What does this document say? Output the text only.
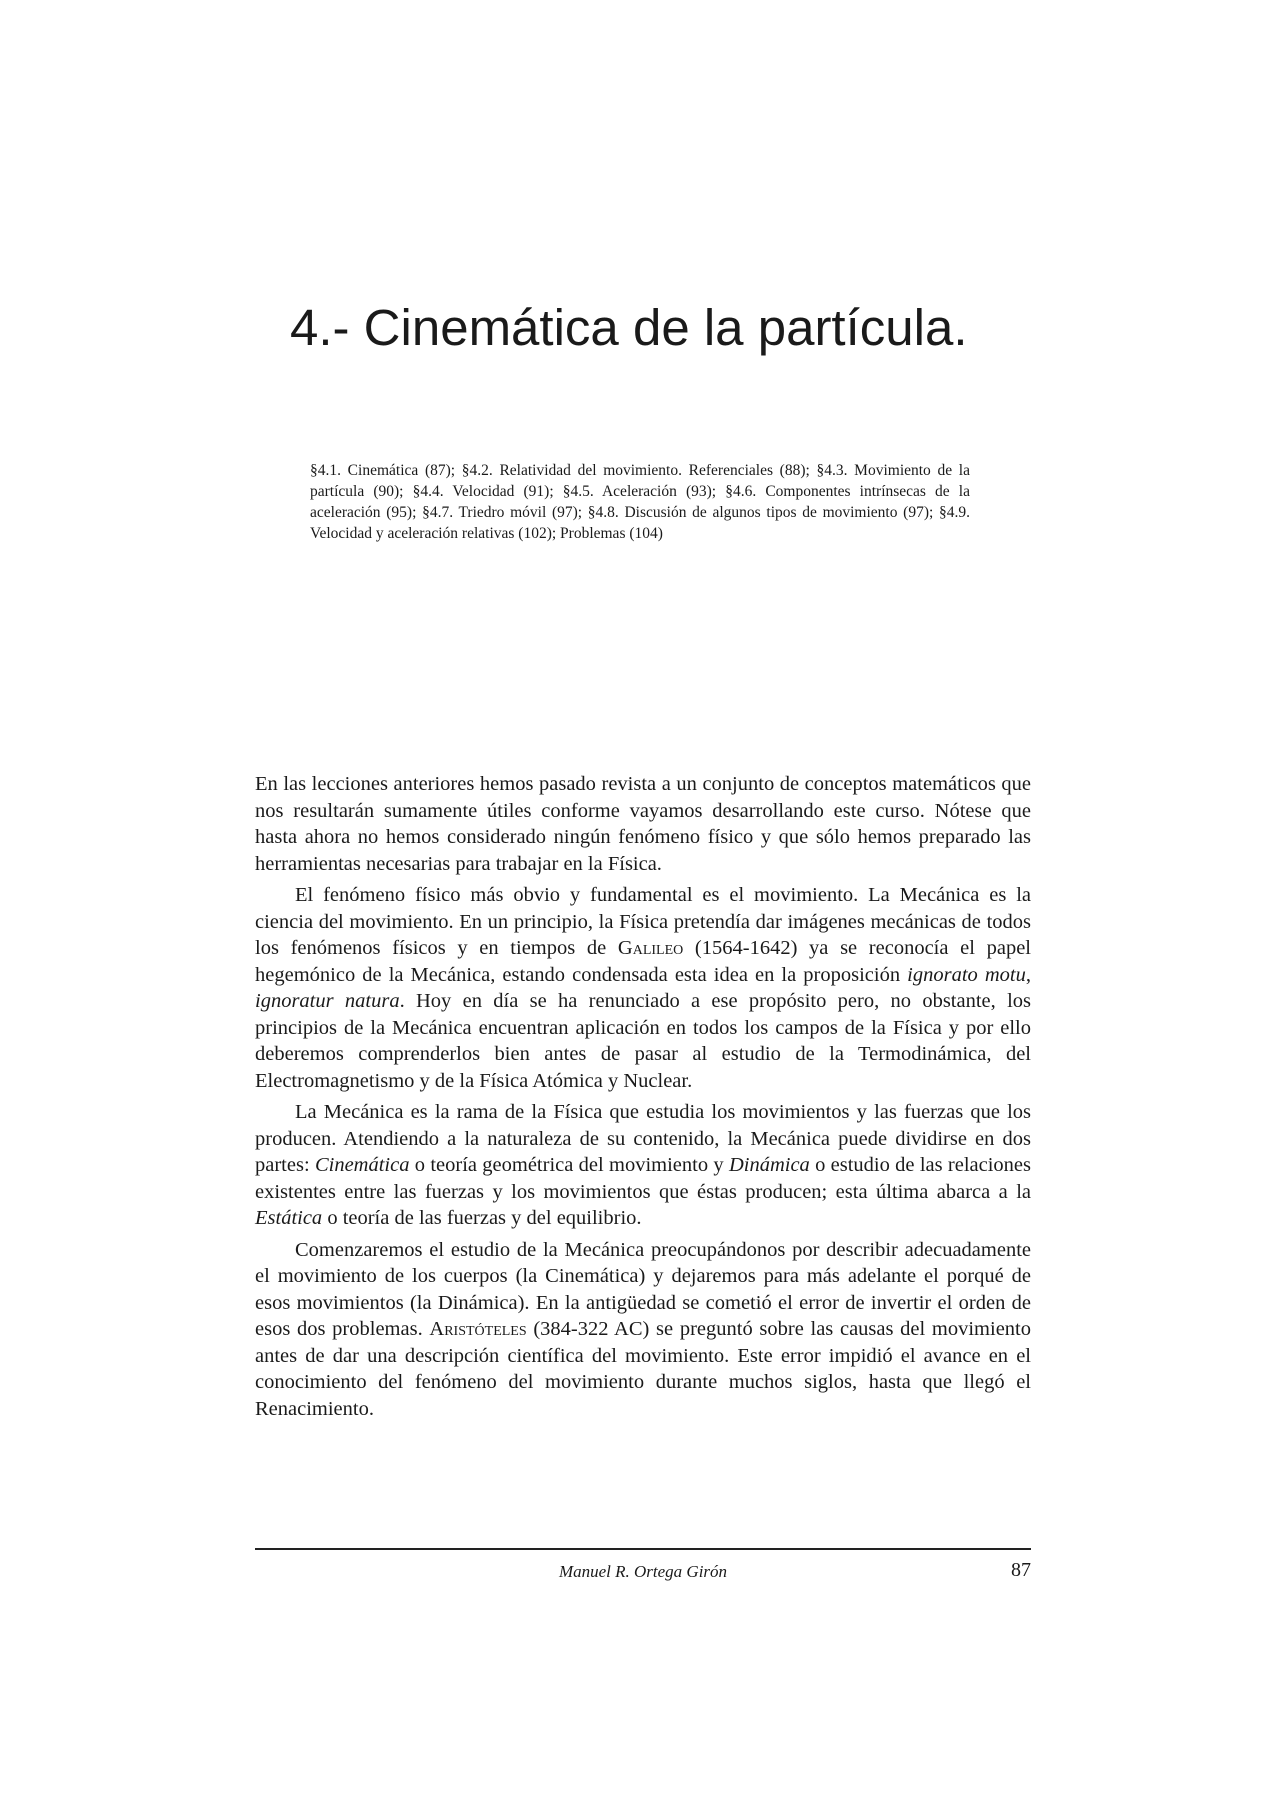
4.- Cinemática de la partícula.

§4.1. Cinemática (87); §4.2. Relatividad del movimiento. Referenciales (88); §4.3. Movimiento de la partícula (90); §4.4. Velocidad (91); §4.5. Aceleración (93); §4.6. Componentes intrínsecas de la aceleración (95); §4.7. Triedro móvil (97); §4.8. Discusión de algunos tipos de movimiento (97); §4.9. Velocidad y aceleración relativas (102); Problemas (104)

En las lecciones anteriores hemos pasado revista a un conjunto de conceptos matemáticos que nos resultarán sumamente útiles conforme vayamos desarrollando este curso. Nótese que hasta ahora no hemos considerado ningún fenómeno físico y que sólo hemos preparado las herramientas necesarias para trabajar en la Física.

El fenómeno físico más obvio y fundamental es el movimiento. La Mecánica es la ciencia del movimiento. En un principio, la Física pretendía dar imágenes mecánicas de todos los fenómenos físicos y en tiempos de Galileo (1564-1642) ya se reconocía el papel hegemónico de la Mecánica, estando condensada esta idea en la proposición ignorato motu, ignoratur natura. Hoy en día se ha renunciado a ese propósito pero, no obstante, los principios de la Mecánica encuentran aplicación en todos los campos de la Física y por ello deberemos comprenderlos bien antes de pasar al estudio de la Termodinámica, del Electromagnetismo y de la Física Atómica y Nuclear.

La Mecánica es la rama de la Física que estudia los movimientos y las fuerzas que los producen. Atendiendo a la naturaleza de su contenido, la Mecánica puede dividirse en dos partes: Cinemática o teoría geométrica del movimiento y Dinámica o estudio de las relaciones existentes entre las fuerzas y los movimientos que éstas producen; esta última abarca a la Estática o teoría de las fuerzas y del equilibrio.

Comenzaremos el estudio de la Mecánica preocupándonos por describir adecuadamente el movimiento de los cuerpos (la Cinemática) y dejaremos para más adelante el porqué de esos movimientos (la Dinámica). En la antigüedad se cometió el error de invertir el orden de esos dos problemas. Aristóteles (384-322 AC) se preguntó sobre las causas del movimiento antes de dar una descripción científica del movimiento. Este error impidió el avance en el conocimiento del fenómeno del movimiento durante muchos siglos, hasta que llegó el Renacimiento.

Manuel R. Ortega Girón	87
